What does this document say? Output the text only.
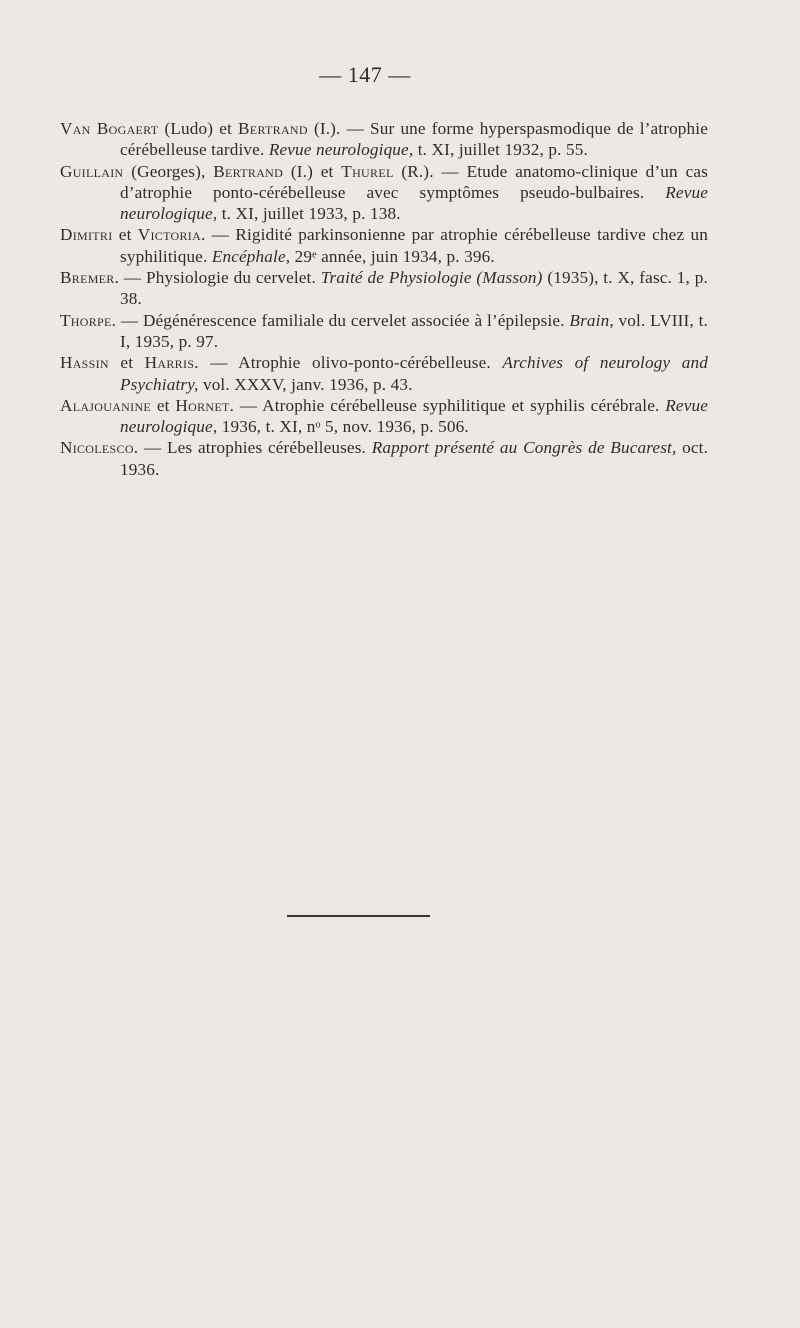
— 147 —
Van Bogaert (Ludo) et Bertrand (I.). — Sur une forme hyperspasmodique de l’atrophie cérébelleuse tardive. Revue neurologique, t. XI, juillet 1932, p. 55.
Guillain (Georges), Bertrand (I.) et Thurel (R.). — Etude anatomo-clinique d’un cas d’atrophie ponto-cérébelleuse avec symptômes pseudo-bulbaires. Revue neurologique, t. XI, juillet 1933, p. 138.
Dimitri et Victoria. — Rigidité parkinsonienne par atrophie cérébelleuse tardive chez un syphilitique. Encéphale, 29ᵉ année, juin 1934, p. 396.
Bremer. — Physiologie du cervelet. Traité de Physiologie (Masson) (1935), t. X, fasc. 1, p. 38.
Thorpe. — Dégénérescence familiale du cervelet associée à l’épilepsie. Brain, vol. LVIII, t. I, 1935, p. 97.
Hassin et Harris. — Atrophie olivo-ponto-cérébelleuse. Archives of neurology and Psychiatry, vol. XXXV, janv. 1936, p. 43.
Alajouanine et Hornet. — Atrophie cérébelleuse syphilitique et syphilis cérébrale. Revue neurologique, 1936, t. XI, nᵒ 5, nov. 1936, p. 506.
Nicolesco. — Les atrophies cérébelleuses. Rapport présenté au Congrès de Bucarest, oct. 1936.
